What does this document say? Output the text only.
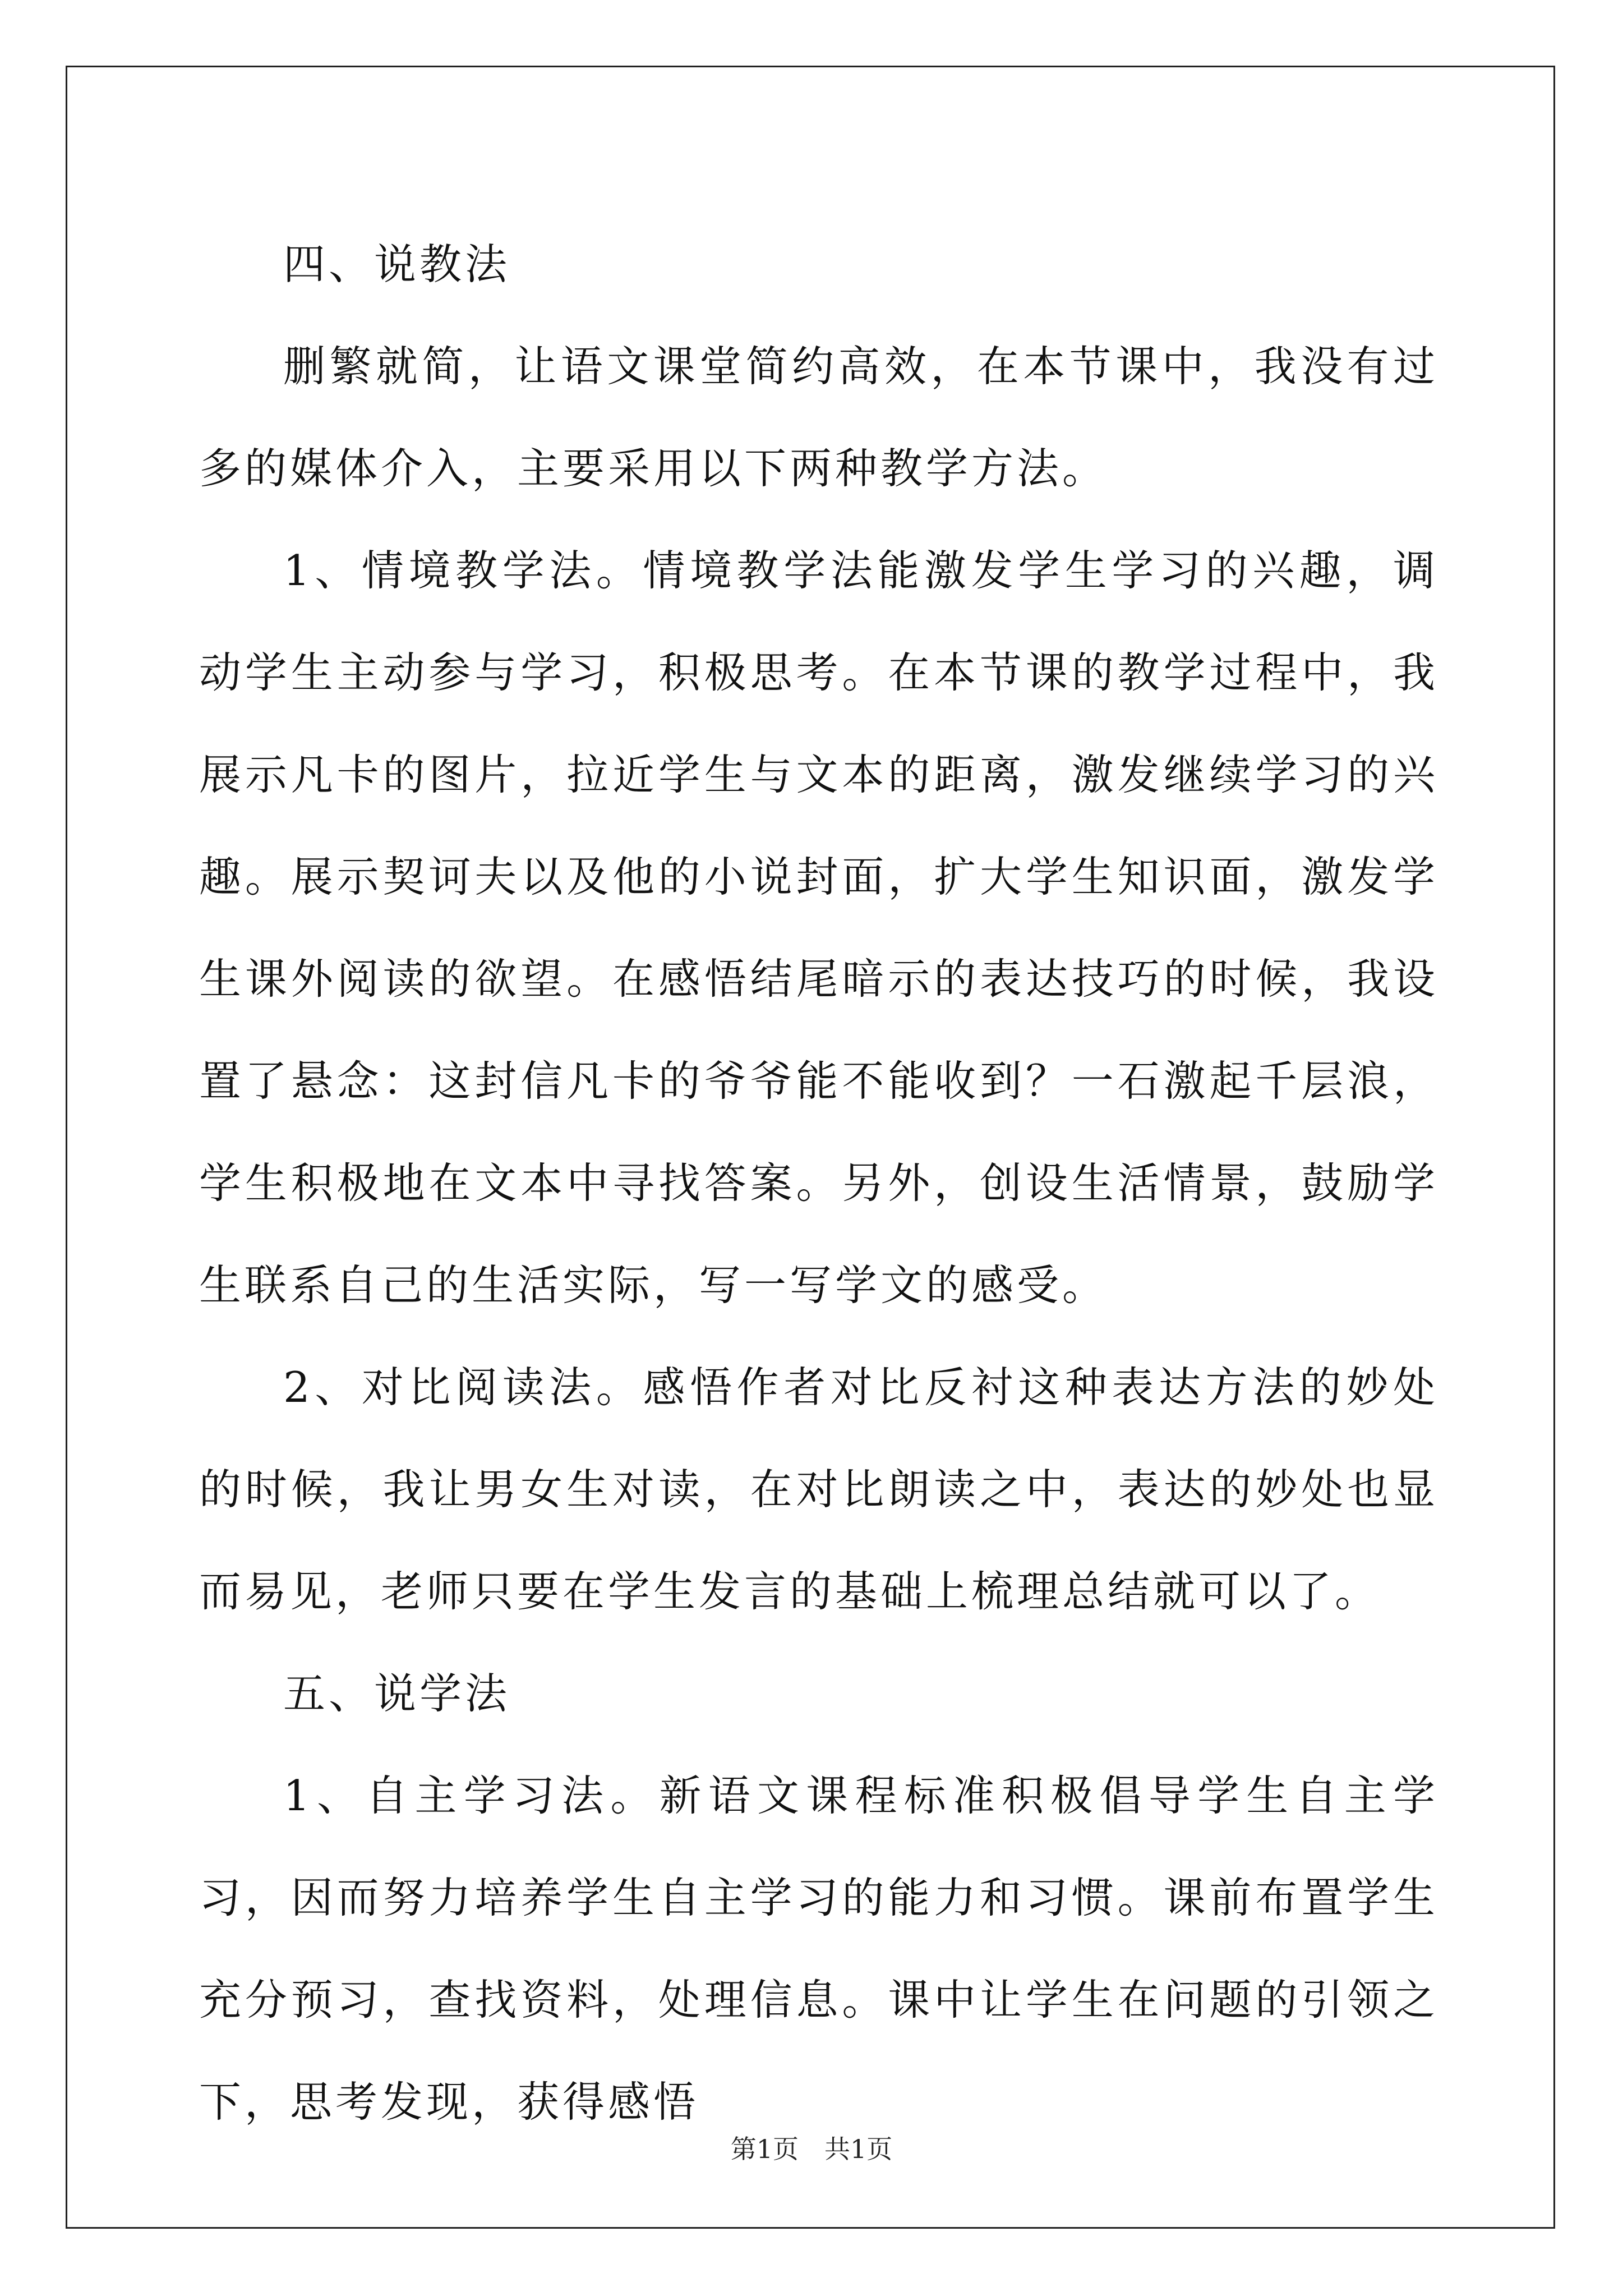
四、说教法

删繁就简，让语文课堂简约高效，在本节课中，我没有过多的媒体介入，主要采用以下两种教学方法。

1、情境教学法。情境教学法能激发学生学习的兴趣，调动学生主动参与学习，积极思考。在本节课的教学过程中，我展示凡卡的图片，拉近学生与文本的距离，激发继续学习的兴趣。展示契诃夫以及他的小说封面，扩大学生知识面，激发学生课外阅读的欲望。在感悟结尾暗示的表达技巧的时候，我设置了悬念：这封信凡卡的爷爷能不能收到？一石激起千层浪，学生积极地在文本中寻找答案。另外，创设生活情景，鼓励学生联系自己的生活实际，写一写学文的感受。

2、对比阅读法。感悟作者对比反衬这种表达方法的妙处的时候，我让男女生对读，在对比朗读之中，表达的妙处也显而易见，老师只要在学生发言的基础上梳理总结就可以了。

五、说学法

1、自主学习法。新语文课程标准积极倡导学生自主学习，因而努力培养学生自主学习的能力和习惯。课前布置学生充分预习，查找资料，处理信息。课中让学生在问题的引领之下，思考发现，获得感悟

第1页　共1页
